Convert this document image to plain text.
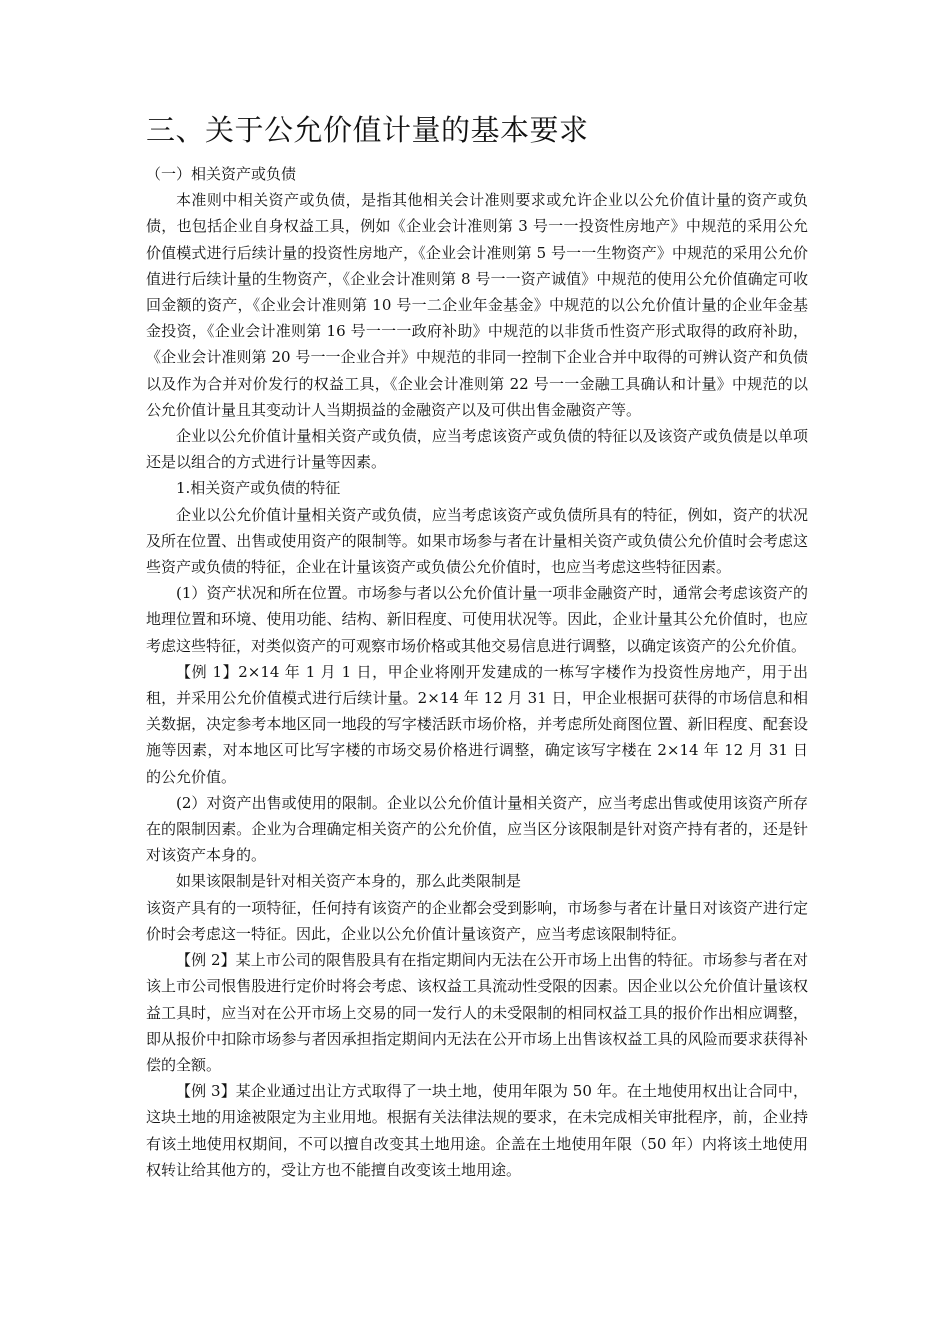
三、关于公允价值计量的基本要求

（一）相关资产或负债

本准则中相关资产或负债，是指其他相关会计准则要求或允许企业以公允价值计量的资产或负债，也包括企业自身权益工具，例如《企业会计准则第 3 号一一投资性房地产》中规范的采用公允价值模式进行后续计量的投资性房地产，《企业会计准则第 5 号一一生物资产》中规范的采用公允价值进行后续计量的生物资产，《企业会计准则第 8 号一一资产诚值》中规范的使用公允价值确定可收回金额的资产，《企业会计准则第 10 号一二企业年金基金》中规范的以公允价值计量的企业年金基金投资，《企业会计准则第 16 号一一一政府补助》中规范的以非货币性资产形式取得的政府补助，《企业会计准则第 20 号一一企业合并》中规范的非同一控制下企业合并中取得的可辨认资产和负债以及作为合并对价发行的权益工具，《企业会计准则第 22 号一一金融工具确认和计量》中规范的以公允价值计量且其变动计人当期损益的金融资产以及可供出售金融资产等。

企业以公允价值计量相关资产或负债，应当考虑该资产或负债的特征以及该资产或负债是以单项还是以组合的方式进行计量等因素。

1.相关资产或负债的特征

企业以公允价值计量相关资产或负债，应当考虑该资产或负债所具有的特征，例如，资产的状况及所在位置、出售或使用资产的限制等。如果市场参与者在计量相关资产或负债公允价值时会考虑这些资产或负债的特征，企业在计量该资产或负债公允价值时，也应当考虑这些特征因素。

(1）资产状况和所在位置。市场参与者以公允价值计量一项非金融资产时，通常会考虑该资产的地理位置和环境、使用功能、结构、新旧程度、可使用状况等。因此，企业计量其公允价值时，也应考虑这些特征，对类似资产的可观察市场价格或其他交易信息进行调整，以确定该资产的公允价值。

【例 1】2×14 年 1 月 1 日，甲企业将刚开发建成的一栋写字楼作为投资性房地产，用于出租，并采用公允价值模式进行后续计量。2×14 年 12 月 31 日，甲企业根据可获得的市场信息和相关数据，决定参考本地区同一地段的写字楼活跃市场价格，并考虑所处商图位置、新旧程度、配套设施等因素，对本地区可比写字楼的市场交易价格进行调整，确定该写字楼在 2×14 年 12 月 31 日的公允价值。

(2）对资产出售或使用的限制。企业以公允价值计量相关资产，应当考虑出售或使用该资产所存在的限制因素。企业为合理确定相关资产的公允价值，应当区分该限制是针对资产持有者的，还是针对该资产本身的。

如果该限制是针对相关资产本身的，那么此类限制是

该资产具有的一项特征，任何持有该资产的企业都会受到影响，市场参与者在计量日对该资产进行定价时会考虑这一特征。因此，企业以公允价值计量该资产，应当考虑该限制特征。

【例 2】某上市公司的限售股具有在指定期间内无法在公开市场上出售的特征。市场参与者在对该上市公司恨售股进行定价时将会考虑、该权益工具流动性受限的因素。因企业以公允价值计量该权益工具时，应当对在公开市场上交易的同一发行人的未受限制的相同权益工具的报价作出相应调整，即从报价中扣除市场参与者因承担指定期间内无法在公开市场上出售该权益工具的风险而要求获得补偿的全额。

【例 3】某企业通过出让方式取得了一块土地，使用年限为 50 年。在土地使用权出让合同中，这块土地的用途被限定为主业用地。根据有关法律法规的要求，在未完成相关审批程序，前，企业持有该土地使用权期间，不可以擅自改变其土地用途。企盖在土地使用年限（50 年）内将该土地使用权转让给其他方的，受让方也不能擅自改变该土地用途。
